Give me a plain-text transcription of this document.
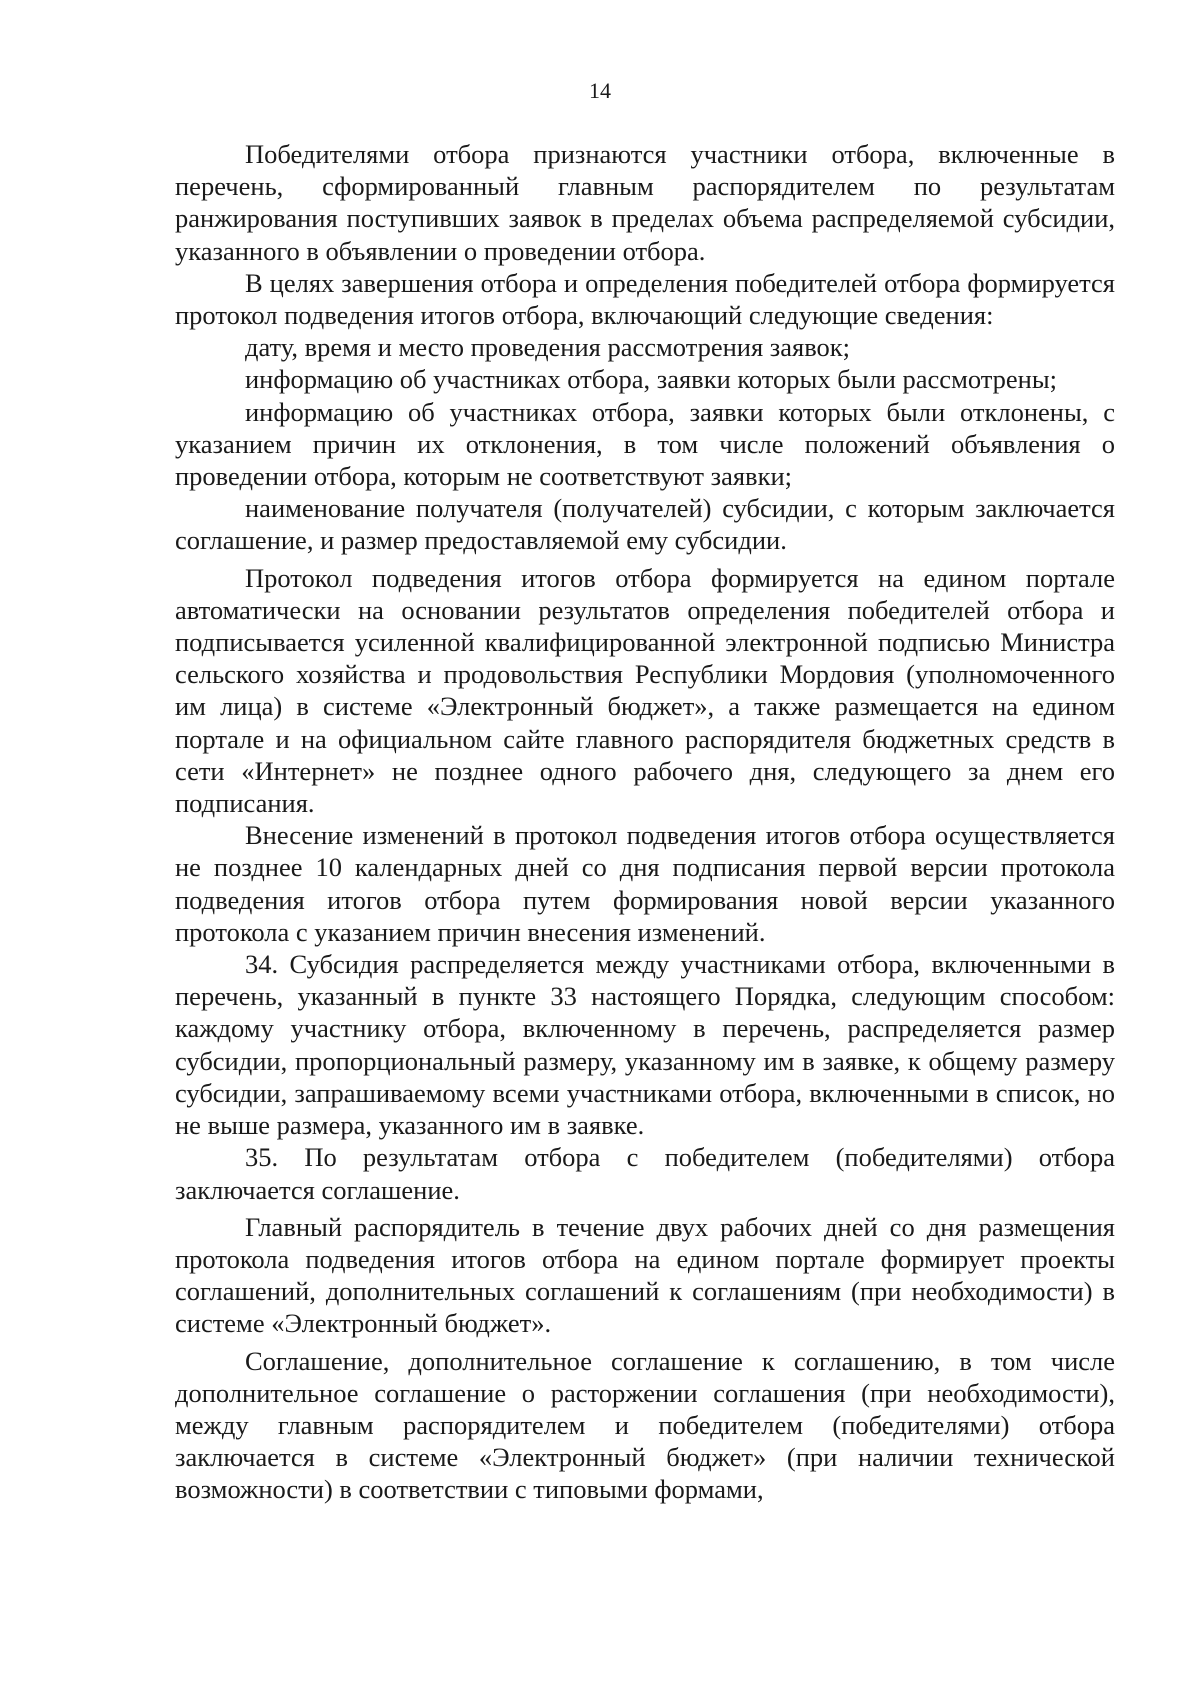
14

Победителями отбора признаются участники отбора, включенные в перечень, сформированный главным распорядителем по результатам ранжирования поступивших заявок в пределах объема распределяемой субсидии, указанного в объявлении о проведении отбора.

В целях завершения отбора и определения победителей отбора формируется протокол подведения итогов отбора, включающий следующие сведения:

дату, время и место проведения рассмотрения заявок;

информацию об участниках отбора, заявки которых были рассмотрены;

информацию об участниках отбора, заявки которых были отклонены, с указанием причин их отклонения, в том числе положений объявления о проведении отбора, которым не соответствуют заявки;

наименование получателя (получателей) субсидии, с которым заключается соглашение, и размер предоставляемой ему субсидии.

Протокол подведения итогов отбора формируется на едином портале автоматически на основании результатов определения победителей отбора и подписывается усиленной квалифицированной электронной подписью Министра сельского хозяйства и продовольствия Республики Мордовия (уполномоченного им лица) в системе «Электронный бюджет», а также размещается на едином портале и на официальном сайте главного распорядителя бюджетных средств в сети «Интернет» не позднее одного рабочего дня, следующего за днем его подписания.

Внесение изменений в протокол подведения итогов отбора осуществляется не позднее 10 календарных дней со дня подписания первой версии протокола подведения итогов отбора путем формирования новой версии указанного протокола с указанием причин внесения изменений.

34. Субсидия распределяется между участниками отбора, включенными в перечень, указанный в пункте 33 настоящего Порядка, следующим способом: каждому участнику отбора, включенному в перечень, распределяется размер субсидии, пропорциональный размеру, указанному им в заявке, к общему размеру субсидии, запрашиваемому всеми участниками отбора, включенными в список, но не выше размера, указанного им в заявке.

35. По результатам отбора с победителем (победителями) отбора заключается соглашение.

Главный распорядитель в течение двух рабочих дней со дня размещения протокола подведения итогов отбора на едином портале формирует проекты соглашений, дополнительных соглашений к соглашениям (при необходимости) в системе «Электронный бюджет».

Соглашение, дополнительное соглашение к соглашению, в том числе дополнительное соглашение о расторжении соглашения (при необходимости), между главным распорядителем и победителем (победителями) отбора заключается в системе «Электронный бюджет» (при наличии технической возможности) в соответствии с типовыми формами,
